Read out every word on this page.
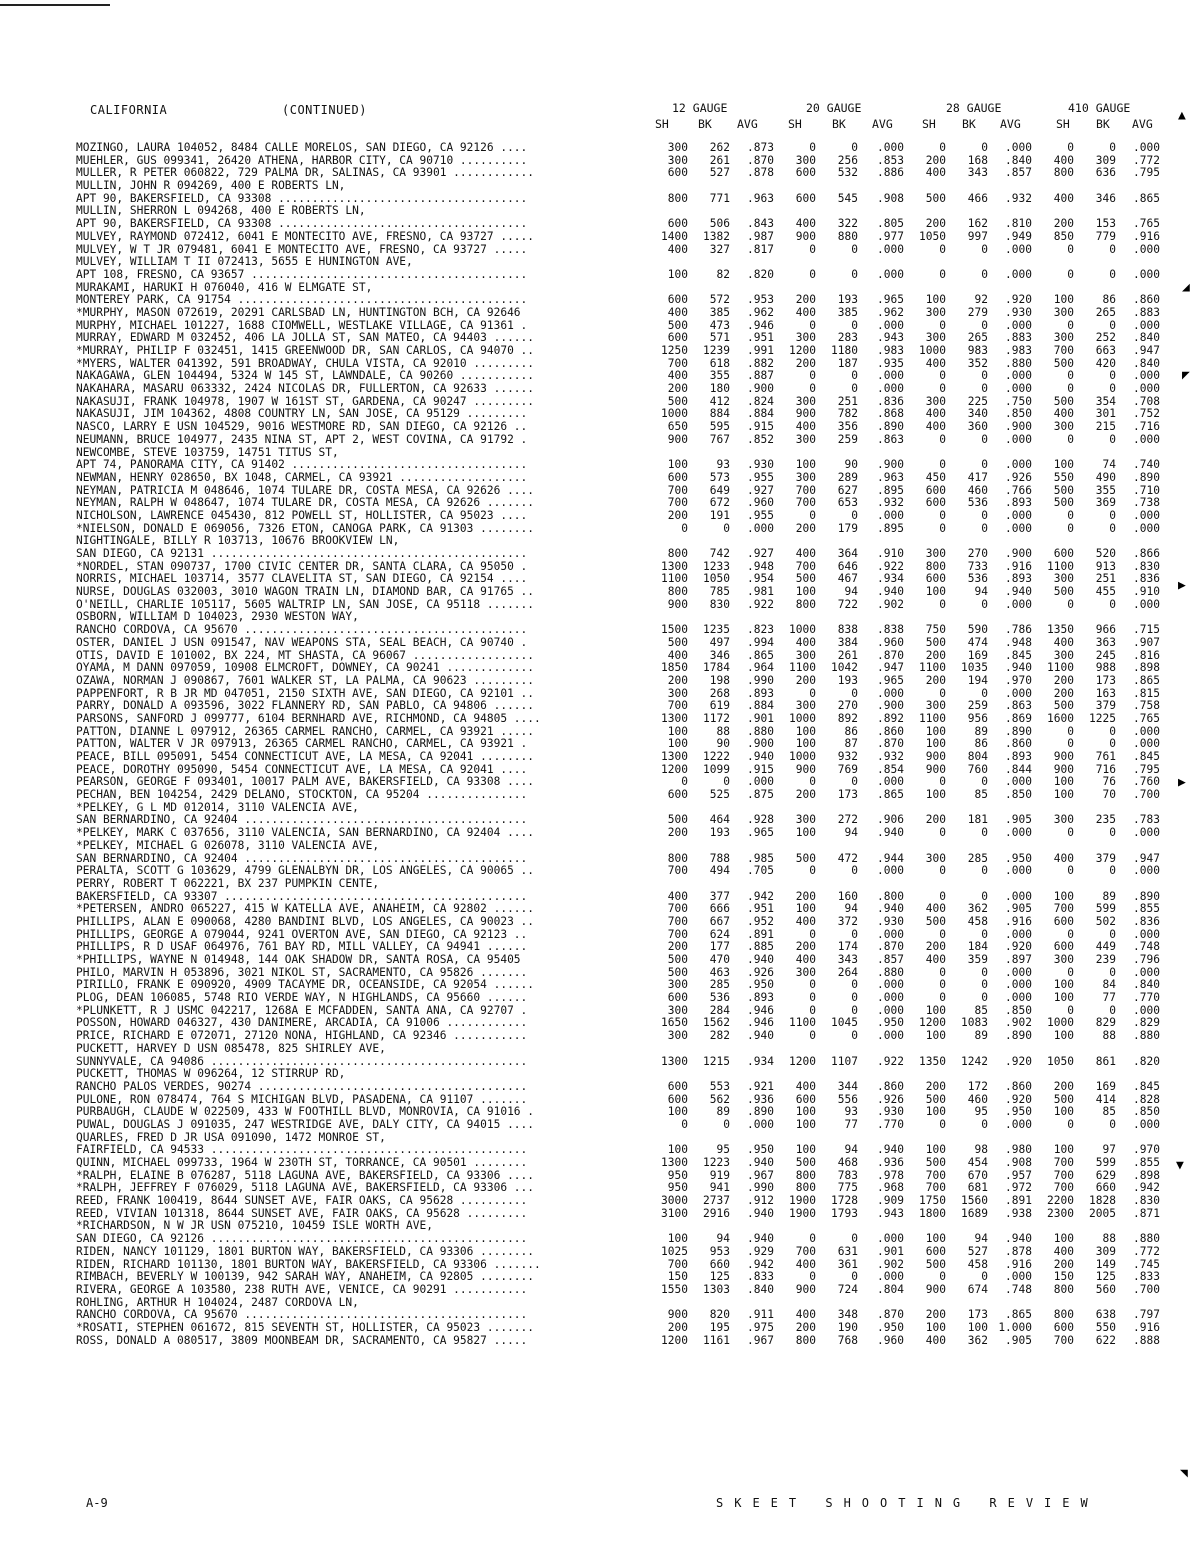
CALIFORNIA	(CONTINUED)	12 GAUGE	20 GAUGE	28 GAUGE	410 GAUGE
SH	BK AVG	SH	BK AVG	SH BK AVG	SH BK AVG
MOZINGO, LAURA 104052, 8484 CALLE MORELOS, SAN DIEGO, CA 92126 ....	300	262	.873	0	0	.000	0	0	.000	0	0	.000
MUEHLER, GUS 099341, 26420 ATHENA, HARBOR CITY, CA 90710 ..........	300	261	.870	300	256	.853	200	168	.840	400	309	.772
MULLER, R PETER 060822, 729 PALMA DR, SALINAS, CA 93901 ............	600	527	.878	600	532	.886	400	343	.857	800	636	.795
MULLIN, JOHN R 094269, 400 E ROBERTS LN,
APT 90, BAKERSFIELD, CA 93308 .....................................	800	771	.963	600	545	.908	500	466	.932	400	346	.865
MULLIN, SHERRON L 094268, 400 E ROBERTS LN,
APT 90, BAKERSFIELD, CA 93308 .....................................	600	506	.843	400	322	.805	200	162	.810	200	153	.765
MULVEY, RAYMOND 072412, 6041 E MONTECITO AVE, FRESNO, CA 93727 .....	1400	1382	.987	900	880	.977	1050	997	.949	850	779	.916
MULVEY, W T JR 079481, 6041 E MONTECITO AVE, FRESNO, CA 93727 .....	400	327	.817	0	0	.000	0	0	.000	0	0	.000
MULVEY, WILLIAM T II 072413, 5655 E HUNINGTON AVE,
APT 108, FRESNO, CA 93657 .........................................	100	82	.820	0	0	.000	0	0	.000	0	0	.000
MURAKAMI, HARUKI H 076040, 416 W ELMGATE ST,
MONTEREY PARK, CA 91754 ...........................................	600	572	.953	200	193	.965	100	92	.920	100	86	.860
*MURPHY, MASON 072619, 20291 CARLSBAD LN, HUNTINGTON BCH, CA 92646	400	385	.962	400	385	.962	300	279	.930	300	265	.883
MURPHY, MICHAEL 101227, 1688 CIOMWELL, WESTLAKE VILLAGE, CA 91361 .	500	473	.946	0	0	.000	0	0	.000	0	0	.000
MURRAY, EDWARD M 032452, 406 LA JOLLA ST, SAN MATEO, CA 94403 ......	600	571	.951	300	283	.943	300	265	.883	300	252	.840
*MURRAY, PHILIP F 032451, 1415 GREENWOOD DR, SAN CARLOS, CA 94070 ..	1250	1239	.991	1200	1180	.983	1000	983	.983	700	663	.947
*MYERS, WALTER 041392, 591 BROADWAY, CHULA VISTA, CA 92010 .........	700	618	.882	200	187	.935	400	352	.880	500	420	.840
NAKAGAWA, GLEN 104494, 5324 W 145 ST, LAWNDALE, CA 90260 ...........	400	355	.887	0	0	.000	0	0	.000	0	0	.000
NAKAHARA, MASARU 063332, 2424 NICOLAS DR, FULLERTON, CA 92633 ......	200	180	.900	0	0	.000	0	0	.000	0	0	.000
NAKASUJI, FRANK 104978, 1907 W 161ST ST, GARDENA, CA 90247 .........	500	412	.824	300	251	.836	300	225	.750	500	354	.708
NAKASUJI, JIM 104362, 4808 COUNTRY LN, SAN JOSE, CA 95129 .........	1000	884	.884	900	782	.868	400	340	.850	400	301	.752
NASCO, LARRY E USN 104529, 9016 WESTMORE RD, SAN DIEGO, CA 92126 ..	650	595	.915	400	356	.890	400	360	.900	300	215	.716
NEUMANN, BRUCE 104977, 2435 NINA ST, APT 2, WEST COVINA, CA 91792 .	900	767	.852	300	259	.863	0	0	.000	0	0	.000
NEWCOMBE, STEVE 103759, 14751 TITUS ST,
APT 74, PANORAMA CITY, CA 91402 ...................................	100	93	.930	100	90	.900	0	0	.000	100	74	.740
NEWMAN, HENRY 028650, BX 1048, CARMEL, CA 93921 ...................	600	573	.955	300	289	.963	450	417	.926	550	490	.890
NEYMAN, PATRICIA M 048646, 1074 TULARE DR, COSTA MESA, CA 92626 ....	700	649	.927	700	627	.895	600	460	.766	500	355	.710
NEYMAN, RALPH W 048647, 1074 TULARE DR, COSTA MESA, CA 92626 .......	700	672	.960	700	653	.932	600	536	.893	500	369	.738
NICHOLSON, LAWRENCE 045430, 812 POWELL ST, HOLLISTER, CA 95023 ....	200	191	.955	0	0	.000	0	0	.000	0	0	.000
*NIELSON, DONALD E 069056, 7326 ETON, CANOGA PARK, CA 91303 ........	0	0	.000	200	179	.895	0	0	.000	0	0	.000
NIGHTINGALE, BILLY R 103713, 10676 BROOKVIEW LN,
SAN DIEGO, CA 92131 ...............................................	800	742	.927	400	364	.910	300	270	.900	600	520	.866
*NORDEL, STAN 090737, 1700 CIVIC CENTER DR, SANTA CLARA, CA 95050 .	1300	1233	.948	700	646	.922	800	733	.916	1100	913	.830
NORRIS, MICHAEL 103714, 3577 CLAVELITA ST, SAN DIEGO, CA 92154 ....	1100	1050	.954	500	467	.934	600	536	.893	300	251	.836
NURSE, DOUGLAS 032003, 3010 WAGON TRAIN LN, DIAMOND BAR, CA 91765 ..	800	785	.981	100	94	.940	100	94	.940	500	455	.910
O'NEILL, CHARLIE 105117, 5605 WALTRIP LN, SAN JOSE, CA 95118 .......	900	830	.922	800	722	.902	0	0	.000	0	0	.000
OSBORN, WILLIAM D 104023, 2930 WESTON WAY,
RANCHO CORDOVA, CA 95670 ..........................................	1500	1235	.823	1000	838	.838	750	590	.786	1350	966	.715
OSTER, DANIEL J USN 091547, NAV WEAPONS STA, SEAL BEACH, CA 90740 .	500	497	.994	400	384	.960	500	474	.948	400	363	.907
OTIS, DAVID E 101002, BX 224, MT SHASTA, CA 96067 ..................	400	346	.865	300	261	.870	200	169	.845	300	245	.816
OYAMA, M DANN 097059, 10908 ELMCROFT, DOWNEY, CA 90241 .............	1850	1784	.964	1100	1042	.947	1100	1035	.940	1100	988	.898
OZAWA, NORMAN J 090867, 7601 WALKER ST, LA PALMA, CA 90623 .........	200	198	.990	200	193	.965	200	194	.970	200	173	.865
PAPPENFORT, R B JR MD 047051, 2150 SIXTH AVE, SAN DIEGO, CA 92101 ..	300	268	.893	0	0	.000	0	0	.000	200	163	.815
PARRY, DONALD A 093596, 3022 FLANNERY RD, SAN PABLO, CA 94806 ......	700	619	.884	300	270	.900	300	259	.863	500	379	.758
PARSONS, SANFORD J 099777, 6104 BERNHARD AVE, RICHMOND, CA 94805 ....	1300	1172	.901	1000	892	.892	1100	956	.869	1600	1225	.765
PATTON, DIANNE L 097912, 26365 CARMEL RANCHO, CARMEL, CA 93921 .....	100	88	.880	100	86	.860	100	89	.890	0	0	.000
PATTON, WALTER V JR 097913, 26365 CARMEL RANCHO, CARMEL, CA 93921 .	100	90	.900	100	87	.870	100	86	.860	0	0	.000
PEACE, BILL 095091, 5454 CONNECTICUT AVE, LA MESA, CA 92041 ........	1300	1222	.940	1000	932	.932	900	804	.893	900	761	.845
PEACE, DOROTHY 095090, 5454 CONNECTICUT AVE, LA MESA, CA 92041 ....	1200	1099	.915	900	769	.854	900	760	.844	900	716	.795
PEARSON, GEORGE F 093401, 10017 PALM AVE, BAKERSFIELD, CA 93308 ....	0	0	.000	0	0	.000	0	0	.000	100	76	.760
PECHAN, BEN 104254, 2429 DELANO, STOCKTON, CA 95204 ...............	600	525	.875	200	173	.865	100	85	.850	100	70	.700
*PELKEY, G L MD 012014, 3110 VALENCIA AVE,
SAN BERNARDINO, CA 92404 ..........................................	500	464	.928	300	272	.906	200	181	.905	300	235	.783
*PELKEY, MARK C 037656, 3110 VALENCIA, SAN BERNARDINO, CA 92404 ....	200	193	.965	100	94	.940	0	0	.000	0	0	.000
*PELKEY, MICHAEL G 026078, 3110 VALENCIA AVE,
SAN BERNARDINO, CA 92404 ..........................................	800	788	.985	500	472	.944	300	285	.950	400	379	.947
PERALTA, SCOTT G 103629, 4799 GLENALBYN DR, LOS ANGELES, CA 90065 ..	700	494	.705	0	0	.000	0	0	.000	0	0	.000
PERRY, ROBERT T 062221, BX 237 PUMPKIN CENTE,
BAKERSFIELD, CA 93307 .............................................	400	377	.942	200	160	.800	0	0	.000	100	89	.890
*PETERSEN, ANDRO 065227, 415 W KATELLA AVE, ANAHEIM, CA 92802 ......	700	666	.951	100	94	.940	400	362	.905	700	599	.855
PHILLIPS, ALAN E 090068, 4280 BANDINI BLVD, LOS ANGELES, CA 90023 ..	700	667	.952	400	372	.930	500	458	.916	600	502	.836
PHILLIPS, GEORGE A 079044, 9241 OVERTON AVE, SAN DIEGO, CA 92123 ..	700	624	.891	0	0	.000	0	0	.000	0	0	.000
PHILLIPS, R D USAF 064976, 761 BAY RD, MILL VALLEY, CA 94941 ......	200	177	.885	200	174	.870	200	184	.920	600	449	.748
*PHILLIPS, WAYNE N 014948, 144 OAK SHADOW DR, SANTA ROSA, CA 95405	500	470	.940	400	343	.857	400	359	.897	300	239	.796
PHILO, MARVIN H 053896, 3021 NIKOL ST, SACRAMENTO, CA 95826 .......	500	463	.926	300	264	.880	0	0	.000	0	0	.000
PIRILLO, FRANK E 090920, 4909 TACAYME DR, OCEANSIDE, CA 92054 ......	300	285	.950	0	0	.000	0	0	.000	100	84	.840
PLOG, DEAN 106085, 5748 RIO VERDE WAY, N HIGHLANDS, CA 95660 ......	600	536	.893	0	0	.000	0	0	.000	100	77	.770
*PLUNKETT, R J USMC 042217, 1268A E MCFADDEN, SANTA ANA, CA 92707 .	300	284	.946	0	0	.000	100	85	.850	0	0	.000
POSSON, HOWARD 046327, 430 DANIMERE, ARCADIA, CA 91006 ............	1650	1562	.946	1100	1045	.950	1200	1083	.902	1000	829	.829
PRICE, RICHARD E 072071, 27120 NONA, HIGHLAND, CA 92346 ...........	300	282	.940	0	0	.000	100	89	.890	100	88	.880
PUCKETT, HARVEY D USN 085478, 825 SHIRLEY AVE,
SUNNYVALE, CA 94086 ...............................................	1300	1215	.934	1200	1107	.922	1350	1242	.920	1050	861	.820
PUCKETT, THOMAS W 096264, 12 STIRRUP RD,
RANCHO PALOS VERDES, 90274 ........................................	600	553	.921	400	344	.860	200	172	.860	200	169	.845
PULONE, RON 078474, 764 S MICHIGAN BLVD, PASADENA, CA 91107 .......	600	562	.936	600	556	.926	500	460	.920	500	414	.828
PURBAUGH, CLAUDE W 022509, 433 W FOOTHILL BLVD, MONROVIA, CA 91016 .	100	89	.890	100	93	.930	100	95	.950	100	85	.850
PUWAL, DOUGLAS J 091035, 247 WESTRIDGE AVE, DALY CITY, CA 94015 ....	0	0	.000	100	77	.770	0	0	.000	0	0	.000
QUARLES, FRED D JR USA 091090, 1472 MONROE ST,
FAIRFIELD, CA 94533 ...............................................	100	95	.950	100	94	.940	100	98	.980	100	97	.970
QUINN, MICHAEL 099733, 1964 W 230TH ST, TORRANCE, CA 90501 ........	1300	1223	.940	500	468	.936	500	454	.908	700	599	.855
*RALPH, ELAINE B 076287, 5118 LAGUNA AVE, BAKERSFIELD, CA 93306 ....	950	919	.967	800	783	.978	700	670	.957	700	629	.898
*RALPH, JEFFREY F 076029, 5118 LAGUNA AVE, BAKERSFIELD, CA 93306 ...	950	941	.990	800	775	.968	700	681	.972	700	660	.942
REED, FRANK 100419, 8644 SUNSET AVE, FAIR OAKS, CA 95628 ..........	3000	2737	.912	1900	1728	.909	1750	1560	.891	2200	1828	.830
REED, VIVIAN 101318, 8644 SUNSET AVE, FAIR OAKS, CA 95628 .........	3100	2916	.940	1900	1793	.943	1800	1689	.938	2300	2005	.871
*RICHARDSON, N W JR USN 075210, 10459 ISLE WORTH AVE,
SAN DIEGO, CA 92126 ...............................................	100	94	.940	0	0	.000	100	94	.940	100	88	.880
RIDEN, NANCY 101129, 1801 BURTON WAY, BAKERSFIELD, CA 93306 ........	1025	953	.929	700	631	.901	600	527	.878	400	309	.772
RIDEN, RICHARD 101130, 1801 BURTON WAY, BAKERSFIELD, CA 93306 .......	700	660	.942	400	361	.902	500	458	.916	200	149	.745
RIMBACH, BEVERLY W 100139, 942 SARAH WAY, ANAHEIM, CA 92805 ........	150	125	.833	0	0	.000	0	0	.000	150	125	.833
RIVERA, GEORGE A 103580, 238 RUTH AVE, VENICE, CA 90291 ...........	1550	1303	.840	900	724	.804	900	674	.748	800	560	.700
ROHLING, ARTHUR H 104024, 2487 CORDOVA LN,
RANCHO CORDOVA, CA 95670 ..........................................	900	820	.911	400	348	.870	200	173	.865	800	638	.797
*ROSATI, STEPHEN 061672, 815 SEVENTH ST, HOLLISTER, CA 95023 .......	200	195	.975	200	190	.950	100	100 1.000	600	550	.916
ROSS, DONALD A 080517, 3809 MOONBEAM DR, SACRAMENTO, CA 95827 .....	1200	1161	.967	800	768	.960	400	362	.905	700	622	.888
A-9	SKEET SHOOTING REVIEW
▲
◢
◤
▶
▶
▼
◥
